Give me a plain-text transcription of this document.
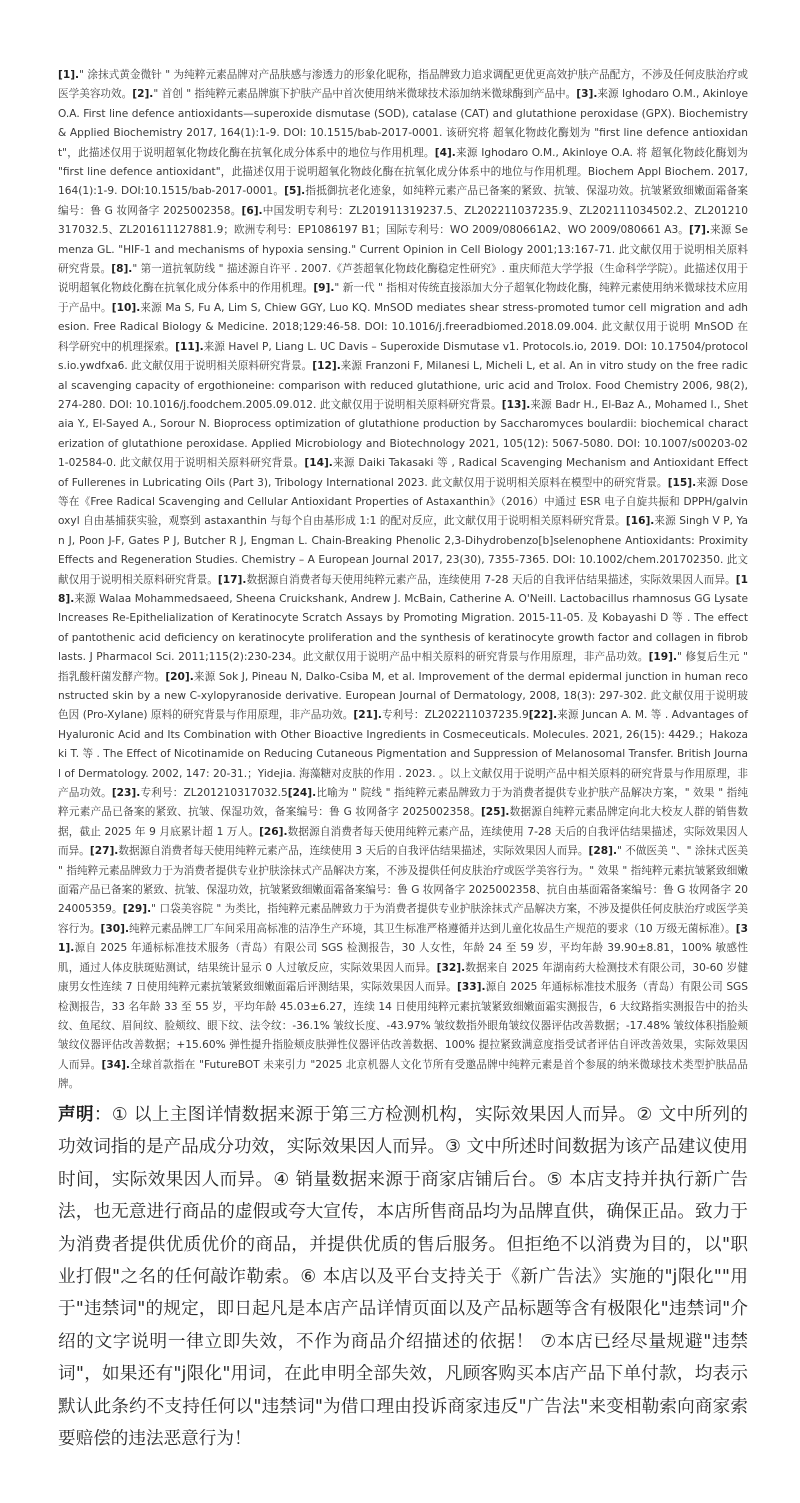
[1]." 涂抹式黄金微针 " 为纯粹元素品牌对产品肤感与渗透力的形象化昵称，指品牌致力追求调配更优更高效护肤产品配方，不涉及任何皮肤治疗或医学美容功效。[2]." 首创 " 指纯粹元素品牌旗下护肤产品中首次使用纳米微球技术添加纳米微球酶到产品中。[3].来源 Ighodaro O.M., Akinloye O.A. First line defence antioxidants—superoxide dismutase (SOD), catalase (CAT) and glutathione peroxidase (GPX). Biochemistry & Applied Biochemistry 2017, 164(1):1-9. DOI: 10.1515/bab-2017-0001. 该研究将 超氧化物歧化酶划为 "first line defence antioxidant"，此描述仅用于说明超氧化物歧化酶在抗氧化成分体系中的地位与作用机理。[4].来源 Ighodaro O.M., Akinloye O.A. 将 超氧化物歧化酶划为 "first line defence antioxidant"，此描述仅用于说明超氧化物歧化酶在抗氧化成分体系中的地位与作用机理。Biochem Appl Biochem. 2017, 164(1):1-9. DOI:10.1515/bab-2017-0001。[5].指抵御抗老化迹象，如纯粹元素产品已备案的紧致、抗皱、保湿功效。抗皱紧致细嫩面霜备案编号：鲁 G 妆网备字 2025002358。[6].中国发明专利号：ZL201911319237.5、ZL202211037235.9、ZL202111034502.2、ZL201210317032.5、ZL201611127881.9；欧洲专利号：EP1086197 B1；国际专利号：WO 2009/080661A2、WO 2009/080661 A3。[7].来源 Semenza GL. "HIF-1 and mechanisms of hypoxia sensing." Current Opinion in Cell Biology 2001;13:167-71. 此文献仅用于说明相关原料研究背景。[8]." 第一道抗氧防线 " 描述源自许平 . 2007.《芦荟超氧化物歧化酶稳定性研究》. 重庆师范大学学报（生命科学学院）。此描述仅用于说明超氧化物歧化酶在抗氧化成分体系中的作用机理。[9]." 新一代 " 指相对传统直接添加大分子超氧化物歧化酶，纯粹元素使用纳米微球技术应用于产品中。[10].来源 Ma S, Fu A, Lim S, Chiew GGY, Luo KQ. MnSOD mediates shear stress-promoted tumor cell migration and adhesion. Free Radical Biology & Medicine. 2018;129:46-58. DOI: 10.1016/j.freeradbiomed.2018.09.004. 此文献仅用于说明 MnSOD 在科学研究中的机理探索。[11].来源 Havel P, Liang L. UC Davis – Superoxide Dismutase v1. Protocols.io, 2019. DOI: 10.17504/protocols.io.ywdfxa6. 此文献仅用于说明相关原料研究背景。[12].来源 Franzoni F, Milanesi L, Micheli L, et al. An in vitro study on the free radical scavenging capacity of ergothioneine: comparison with reduced glutathione, uric acid and Trolox. Food Chemistry 2006, 98(2), 274-280. DOI: 10.1016/j.foodchem.2005.09.012. 此文献仅用于说明相关原料研究背景。[13].来源 Badr H., El-Baz A., Mohamed I., Shetaia Y., El-Sayed A., Sorour N. Bioprocess optimization of glutathione production by Saccharomyces boulardii: biochemical characterization of glutathione peroxidase. Applied Microbiology and Biotechnology 2021, 105(12): 5067-5080. DOI: 10.1007/s00203-021-02584-0. 此文献仅用于说明相关原料研究背景。[14].来源 Daiki Takasaki 等 , Radical Scavenging Mechanism and Antioxidant Effect of Fullerenes in Lubricating Oils (Part 3), Tribology International 2023. 此文献仅用于说明相关原料在模型中的研究背景。[15].来源 Dose 等在《Free Radical Scavenging and Cellular Antioxidant Properties of Astaxanthin》（2016）中通过 ESR 电子自旋共振和 DPPH/galvinoxyl 自由基捕获实验，观察到 astaxanthin 与每个自由基形成 1:1 的配对反应，此文献仅用于说明相关原料研究背景。[16].来源 Singh V P, Yan J, Poon J-F, Gates P J, Butcher R J, Engman L. Chain-Breaking Phenolic 2,3-Dihydrobenzo[b]selenophene Antioxidants: Proximity Effects and Regeneration Studies. Chemistry – A European Journal 2017, 23(30), 7355-7365. DOI: 10.1002/chem.201702350. 此文献仅用于说明相关原料研究背景。[17].数据源自消费者每天使用纯粹元素产品，连续使用 7-28 天后的自我评估结果描述，实际效果因人而异。[18].来源 Walaa Mohammedsaeed, Sheena Cruickshank, Andrew J. McBain, Catherine A. O'Neill. Lactobacillus rhamnosus GG Lysate Increases Re-Epithelialization of Keratinocyte Scratch Assays by Promoting Migration. 2015-11-05. 及 Kobayashi D 等 . The effect of pantothenic acid deficiency on keratinocyte proliferation and the synthesis of keratinocyte growth factor and collagen in fibroblasts. J Pharmacol Sci. 2011;115(2):230-234。此文献仅用于说明产品中相关原料的研究背景与作用原理，非产品功效。[19]." 修复后生元 " 指乳酸杆菌发酵产物。[20].来源 Sok J, Pineau N, Dalko-Csiba M, et al. Improvement of the dermal epidermal junction in human reconstructed skin by a new C-xylopyranoside derivative. European Journal of Dermatology, 2008, 18(3): 297-302. 此文献仅用于说明玻色因 (Pro-Xylane) 原料的研究背景与作用原理，非产品功效。[21].专利号：ZL202211037235.9[22].来源 Juncan A. M. 等 . Advantages of Hyaluronic Acid and Its Combination with Other Bioactive Ingredients in Cosmeceuticals. Molecules. 2021, 26(15): 4429.；Hakozaki T. 等 . The Effect of Nicotinamide on Reducing Cutaneous Pigmentation and Suppression of Melanosomal Transfer. British Journal of Dermatology. 2002, 147: 20-31.；Yidejia. 海藻糖对皮肤的作用 . 2023. 。以上文献仅用于说明产品中相关原料的研究背景与作用原理，非产品功效。[23].专利号：ZL201210317032.5[24].比喻为 " 院线 " 指纯粹元素品牌致力于为消费者提供专业护肤产品解决方案，" 效果 " 指纯粹元素产品已备案的紧致、抗皱、保湿功效，备案编号：鲁 G 妆网备字 2025002358。[25].数据源自纯粹元素品牌定向北大校友人群的销售数据，截止 2025 年 9 月底累计超 1 万人。[26].数据源自消费者每天使用纯粹元素产品，连续使用 7-28 天后的自我评估结果描述，实际效果因人而异。[27].数据源自消费者每天使用纯粹元素产品，连续使用 3 天后的自我评估结果描述，实际效果因人而异。[28]." 不做医美 "、" 涂抹式医美 " 指纯粹元素品牌致力于为消费者提供专业护肤涂抹式产品解决方案，不涉及提供任何皮肤治疗或医学美容行为。" 效果 " 指纯粹元素抗皱紧致细嫩面霜产品已备案的紧致、抗皱、保湿功效，抗皱紧致细嫩面霜备案编号：鲁 G 妆网备字 2025002358、抗自由基面霜备案编号：鲁 G 妆网备字 2024005359。[29]." 口袋美容院 " 为类比，指纯粹元素品牌致力于为消费者提供专业护肤涂抹式产品解决方案，不涉及提供任何皮肤治疗或医学美容行为。[30].纯粹元素品牌工厂车间采用高标准的洁净生产环境，其卫生标准严格遵循并达到儿童化妆品生产规范的要求（10 万级无菌标准）。[31].源自 2025 年通标标准技术服务（青岛）有限公司 SGS 检测报告，30 人女性，年龄 24 至 59 岁，平均年龄 39.90±8.81，100% 敏感性肌，通过人体皮肤斑贴测试，结果统计显示 0 人过敏反应，实际效果因人而异。[32].数据来自 2025 年湖南药大检测技术有限公司，30-60 岁健康男女性连续 7 日使用纯粹元素抗皱紧致细嫩面霜后评测结果，实际效果因人而异。[33].源自 2025 年通标标准技术服务（青岛）有限公司 SGS 检测报告，33 名年龄 33 至 55 岁，平均年龄 45.03±6.27，连续 14 日使用纯粹元素抗皱紧致细嫩面霜实测报告，6 大纹路指实测报告中的抬头纹、鱼尾纹、眉间纹、脸颊纹、眼下纹、法令纹：-36.1% 皱纹长度、-43.97% 皱纹数指外眼角皱纹仪器评估改善数据；-17.48% 皱纹体积指脸颊皱纹仪器评估改善数据；+15.60% 弹性提升指脸颊皮肤弹性仪器评估改善数据、100% 提拉紧致满意度指受试者评估自评改善效果，实际效果因人而异。[34].全球首款指在 "FutureBOT 未来引力 "2025 北京机器人文化节所有受邀品牌中纯粹元素是首个参展的纳米微球技术类型护肤品品牌。
声明：① 以上主图详情数据来源于第三方检测机构，实际效果因人而异。② 文中所列的功效词指的是产品成分功效，实际效果因人而异。③ 文中所述时间数据为该产品建议使用时间，实际效果因人而异。④ 销量数据来源于商家店铺后台。⑤ 本店支持并执行新广告法，也无意进行商品的虚假或夸大宣传，本店所售商品均为品牌直供，确保正品。致力于为消费者提供优质优价的商品，并提供优质的售后服务。但拒绝不以消费为目的，以"职业打假"之名的任何敲诈勒索。⑥ 本店以及平台支持关于《新广告法》实施的"j限化""用于"违禁词"的规定，即日起凡是本店产品详情页面以及产品标题等含有极限化"违禁词"介绍的文字说明一律立即失效，不作为商品介绍描述的依据！ ⑦本店已经尽量规避"违禁词"，如果还有"j限化"用词，在此申明全部失效，凡顾客购买本店产品下单付款，均表示默认此条约不支持任何以"违禁词"为借口理由投诉商家违反"广告法"来变相勒索向商家索要赔偿的违法恶意行为！
